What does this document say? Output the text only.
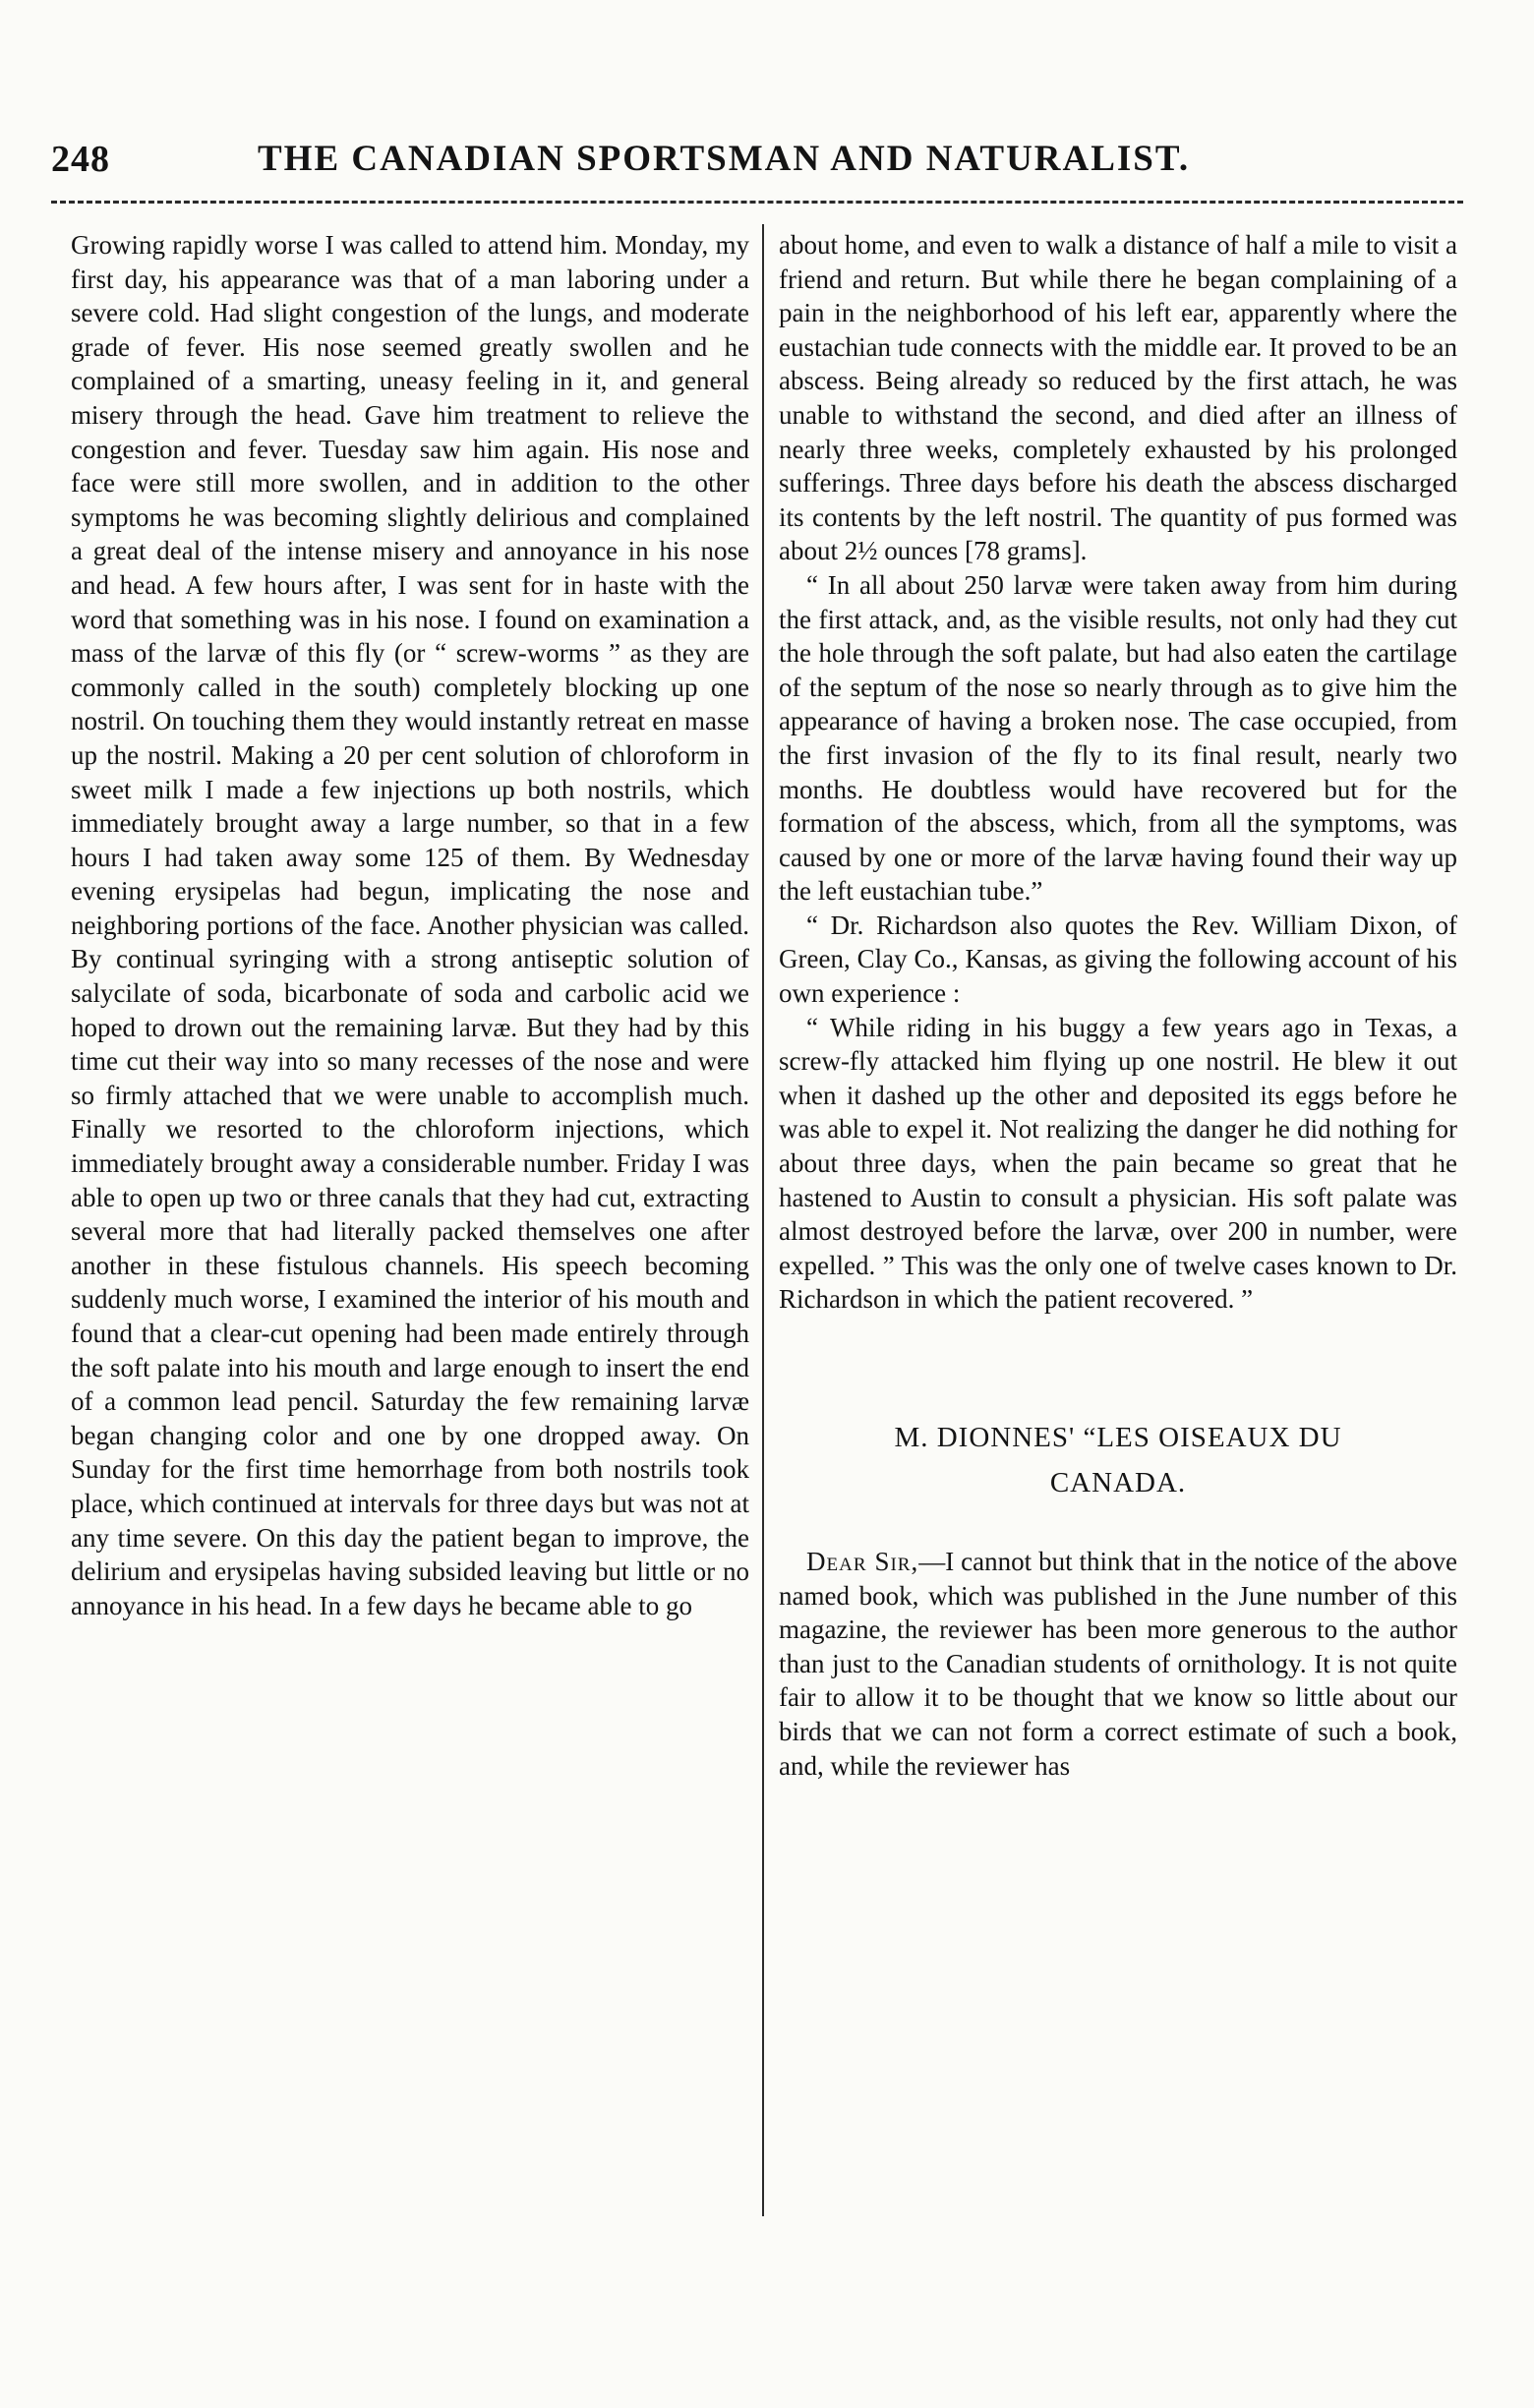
248	THE CANADIAN SPORTSMAN AND NATURALIST.

Growing rapidly worse I was called to attend him. Monday, my first day, his appearance was that of a man laboring under a severe cold. Had slight congestion of the lungs, and moderate grade of fever. His nose seemed greatly swollen and he complained of a smarting, uneasy feeling in it, and general misery through the head. Gave him treatment to relieve the congestion and fever. Tuesday saw him again. His nose and face were still more swollen, and in addition to the other symptoms he was becoming slightly delirious and complained a great deal of the intense misery and annoyance in his nose and head. A few hours after, I was sent for in haste with the word that something was in his nose. I found on examination a mass of the larvæ of this fly (or “ screw-worms ” as they are commonly called in the south) completely blocking up one nostril. On touching them they would instantly retreat en masse up the nostril. Making a 20 per cent solution of chloroform in sweet milk I made a few injections up both nostrils, which immediately brought away a large number, so that in a few hours I had taken away some 125 of them. By Wednesday evening erysipelas had begun, implicating the nose and neighboring portions of the face. Another physician was called. By continual syringing with a strong antiseptic solution of salycilate of soda, bicarbonate of soda and carbolic acid we hoped to drown out the remaining larvæ. But they had by this time cut their way into so many recesses of the nose and were so firmly attached that we were unable to accomplish much. Finally we resorted to the chloroform injections, which immediately brought away a considerable number. Friday I was able to open up two or three canals that they had cut, extracting several more that had literally packed themselves one after another in these fistulous channels. His speech becoming suddenly much worse, I examined the interior of his mouth and found that a clear-cut opening had been made entirely through the soft palate into his mouth and large enough to insert the end of a common lead pencil. Saturday the few remaining larvæ began changing color and one by one dropped away. On Sunday for the first time hemorrhage from both nostrils took place, which continued at intervals for three days but was not at any time severe. On this day the patient began to improve, the delirium and erysipelas having subsided leaving but little or no annoyance in his head. In a few days he became able to go

about home, and even to walk a distance of half a mile to visit a friend and return. But while there he began complaining of a pain in the neighborhood of his left ear, apparently where the eustachian tude connects with the middle ear. It proved to be an abscess. Being already so reduced by the first attach, he was unable to withstand the second, and died after an illness of nearly three weeks, completely exhausted by his prolonged sufferings. Three days before his death the abscess discharged its contents by the left nostril. The quantity of pus formed was about 2½ ounces [78 grams].

“ In all about 250 larvæ were taken away from him during the first attack, and, as the visible results, not only had they cut the hole through the soft palate, but had also eaten the cartilage of the septum of the nose so nearly through as to give him the appearance of having a broken nose. The case occupied, from the first invasion of the fly to its final result, nearly two months. He doubtless would have recovered but for the formation of the abscess, which, from all the symptoms, was caused by one or more of the larvæ having found their way up the left eustachian tube.”

“ Dr. Richardson also quotes the Rev. William Dixon, of Green, Clay Co., Kansas, as giving the following account of his own experience :

“ While riding in his buggy a few years ago in Texas, a screw-fly attacked him flying up one nostril. He blew it out when it dashed up the other and deposited its eggs before he was able to expel it. Not realizing the danger he did nothing for about three days, when the pain became so great that he hastened to Austin to consult a physician. His soft palate was almost destroyed before the larvæ, over 200 in number, were expelled. ” This was the only one of twelve cases known to Dr. Richardson in which the patient recovered. ”

M. DIONNES' “LES OISEAUX DU
CANADA.

Dear Sir,—I cannot but think that in the notice of the above named book, which was published in the June number of this magazine, the reviewer has been more generous to the author than just to the Canadian students of ornithology. It is not quite fair to allow it to be thought that we know so little about our birds that we can not form a correct estimate of such a book, and, while the reviewer has
